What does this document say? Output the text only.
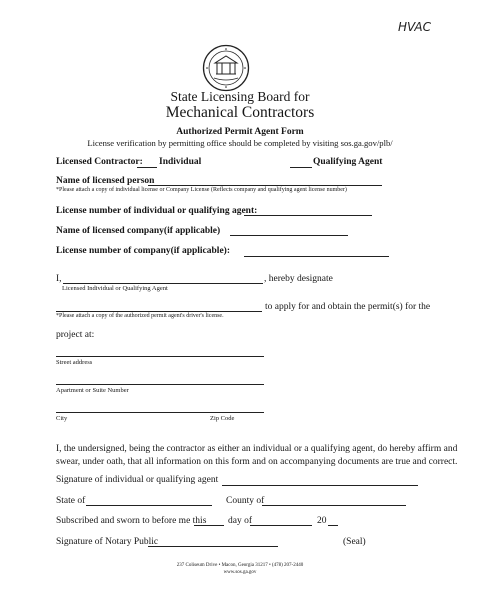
HVAC
State Licensing Board for
Mechanical Contractors
Authorized Permit Agent Form
License verification by permitting office should be completed by visiting sos.ga.gov/plb/
Licensed Contractor: Individual	Qualifying Agent
Name of licensed person
*Please attach a copy of individual license or Company License (Reflects company and qualifying agent license number)
License number of individual or qualifying agent:
Name of licensed company(if applicable)
License number of company(if applicable):
I,	, hereby designate
Licensed Individual or Qualifying Agent
to apply for and obtain the permit(s) for the
*Please attach a copy of the authorized permit agent's driver's license.
project at:
Street address
Apartment or Suite Number
City	Zip Code
I, the undersigned, being the contractor as either an individual or a qualifying agent, do hereby affirm and
swear, under oath, that all information on this form and on accompanying documents are true and correct.
Signature of individual or qualifying agent
State of	County of
Subscribed and sworn to before me this day of	20
Signature of Notary Public	(Seal)
237 Coliseum Drive • Macon, Georgia 31217 • (478) 207-2440
www.sos.ga.gov
